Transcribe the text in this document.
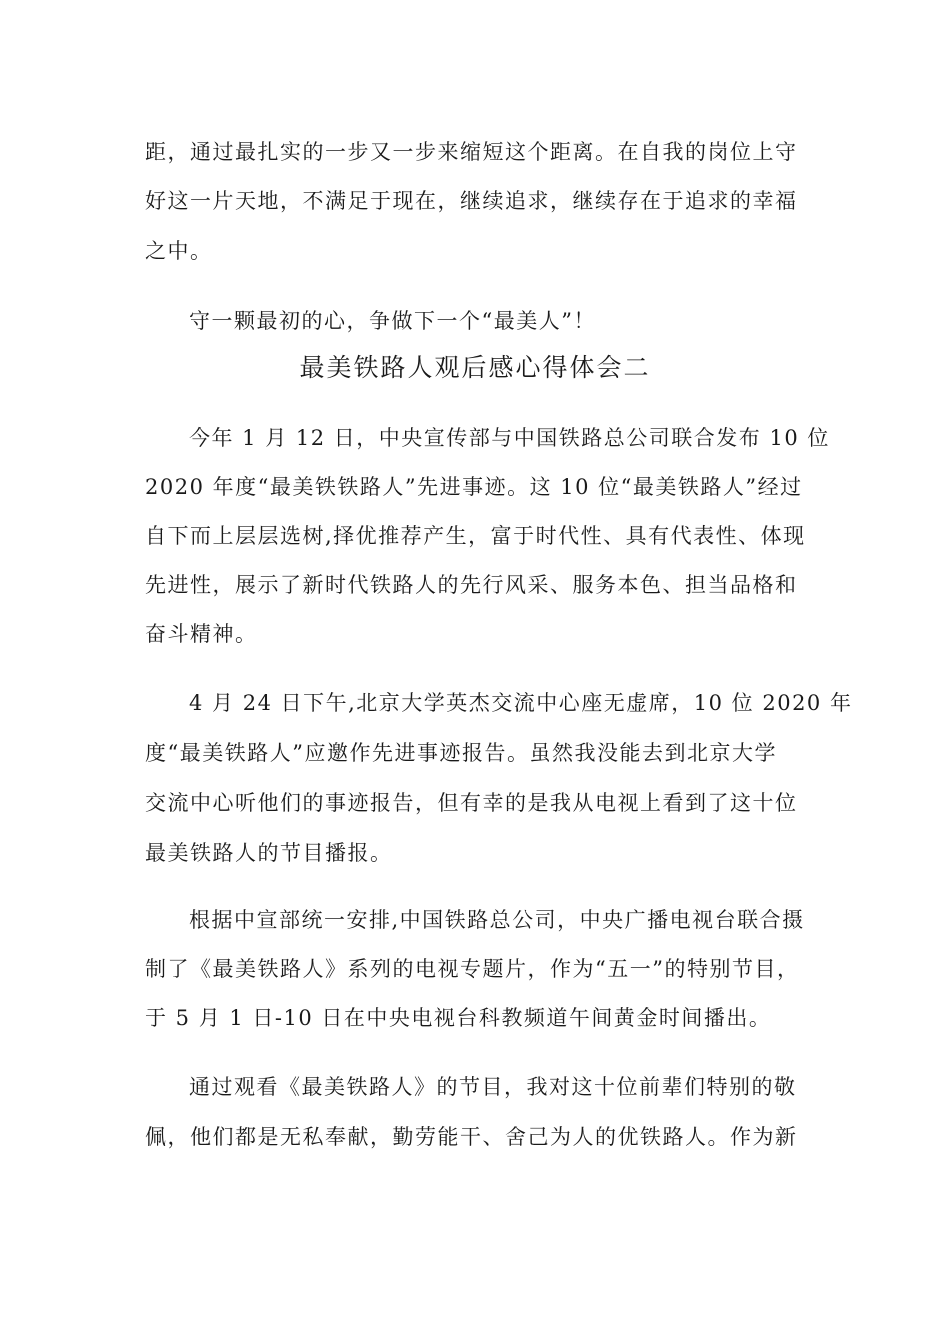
距，通过最扎实的一步又一步来缩短这个距离。在自我的岗位上守
好这一片天地，不满足于现在，继续追求，继续存在于追求的幸福
之中。
守一颗最初的心，争做下一个“最美人”！
最美铁路人观后感心得体会二
今年 1 月 12 日，中央宣传部与中国铁路总公司联合发布 10 位
2020 年度“最美铁铁路人”先进事迹。这 10 位“最美铁路人”经过
自下而上层层选树,择优推荐产生，富于时代性、具有代表性、体现
先进性，展示了新时代铁路人的先行风采、服务本色、担当品格和
奋斗精神。
4 月 24 日下午,北京大学英杰交流中心座无虚席，10 位 2020 年
度“最美铁路人”应邀作先进事迹报告。虽然我没能去到北京大学
交流中心听他们的事迹报告，但有幸的是我从电视上看到了这十位
最美铁路人的节目播报。
根据中宣部统一安排,中国铁路总公司，中央广播电视台联合摄
制了《最美铁路人》系列的电视专题片，作为“五一”的特别节目，
于 5 月 1 日-10 日在中央电视台科教频道午间黄金时间播出。
通过观看《最美铁路人》的节目，我对这十位前辈们特别的敬
佩，他们都是无私奉献，勤劳能干、舍己为人的优铁路人。作为新
